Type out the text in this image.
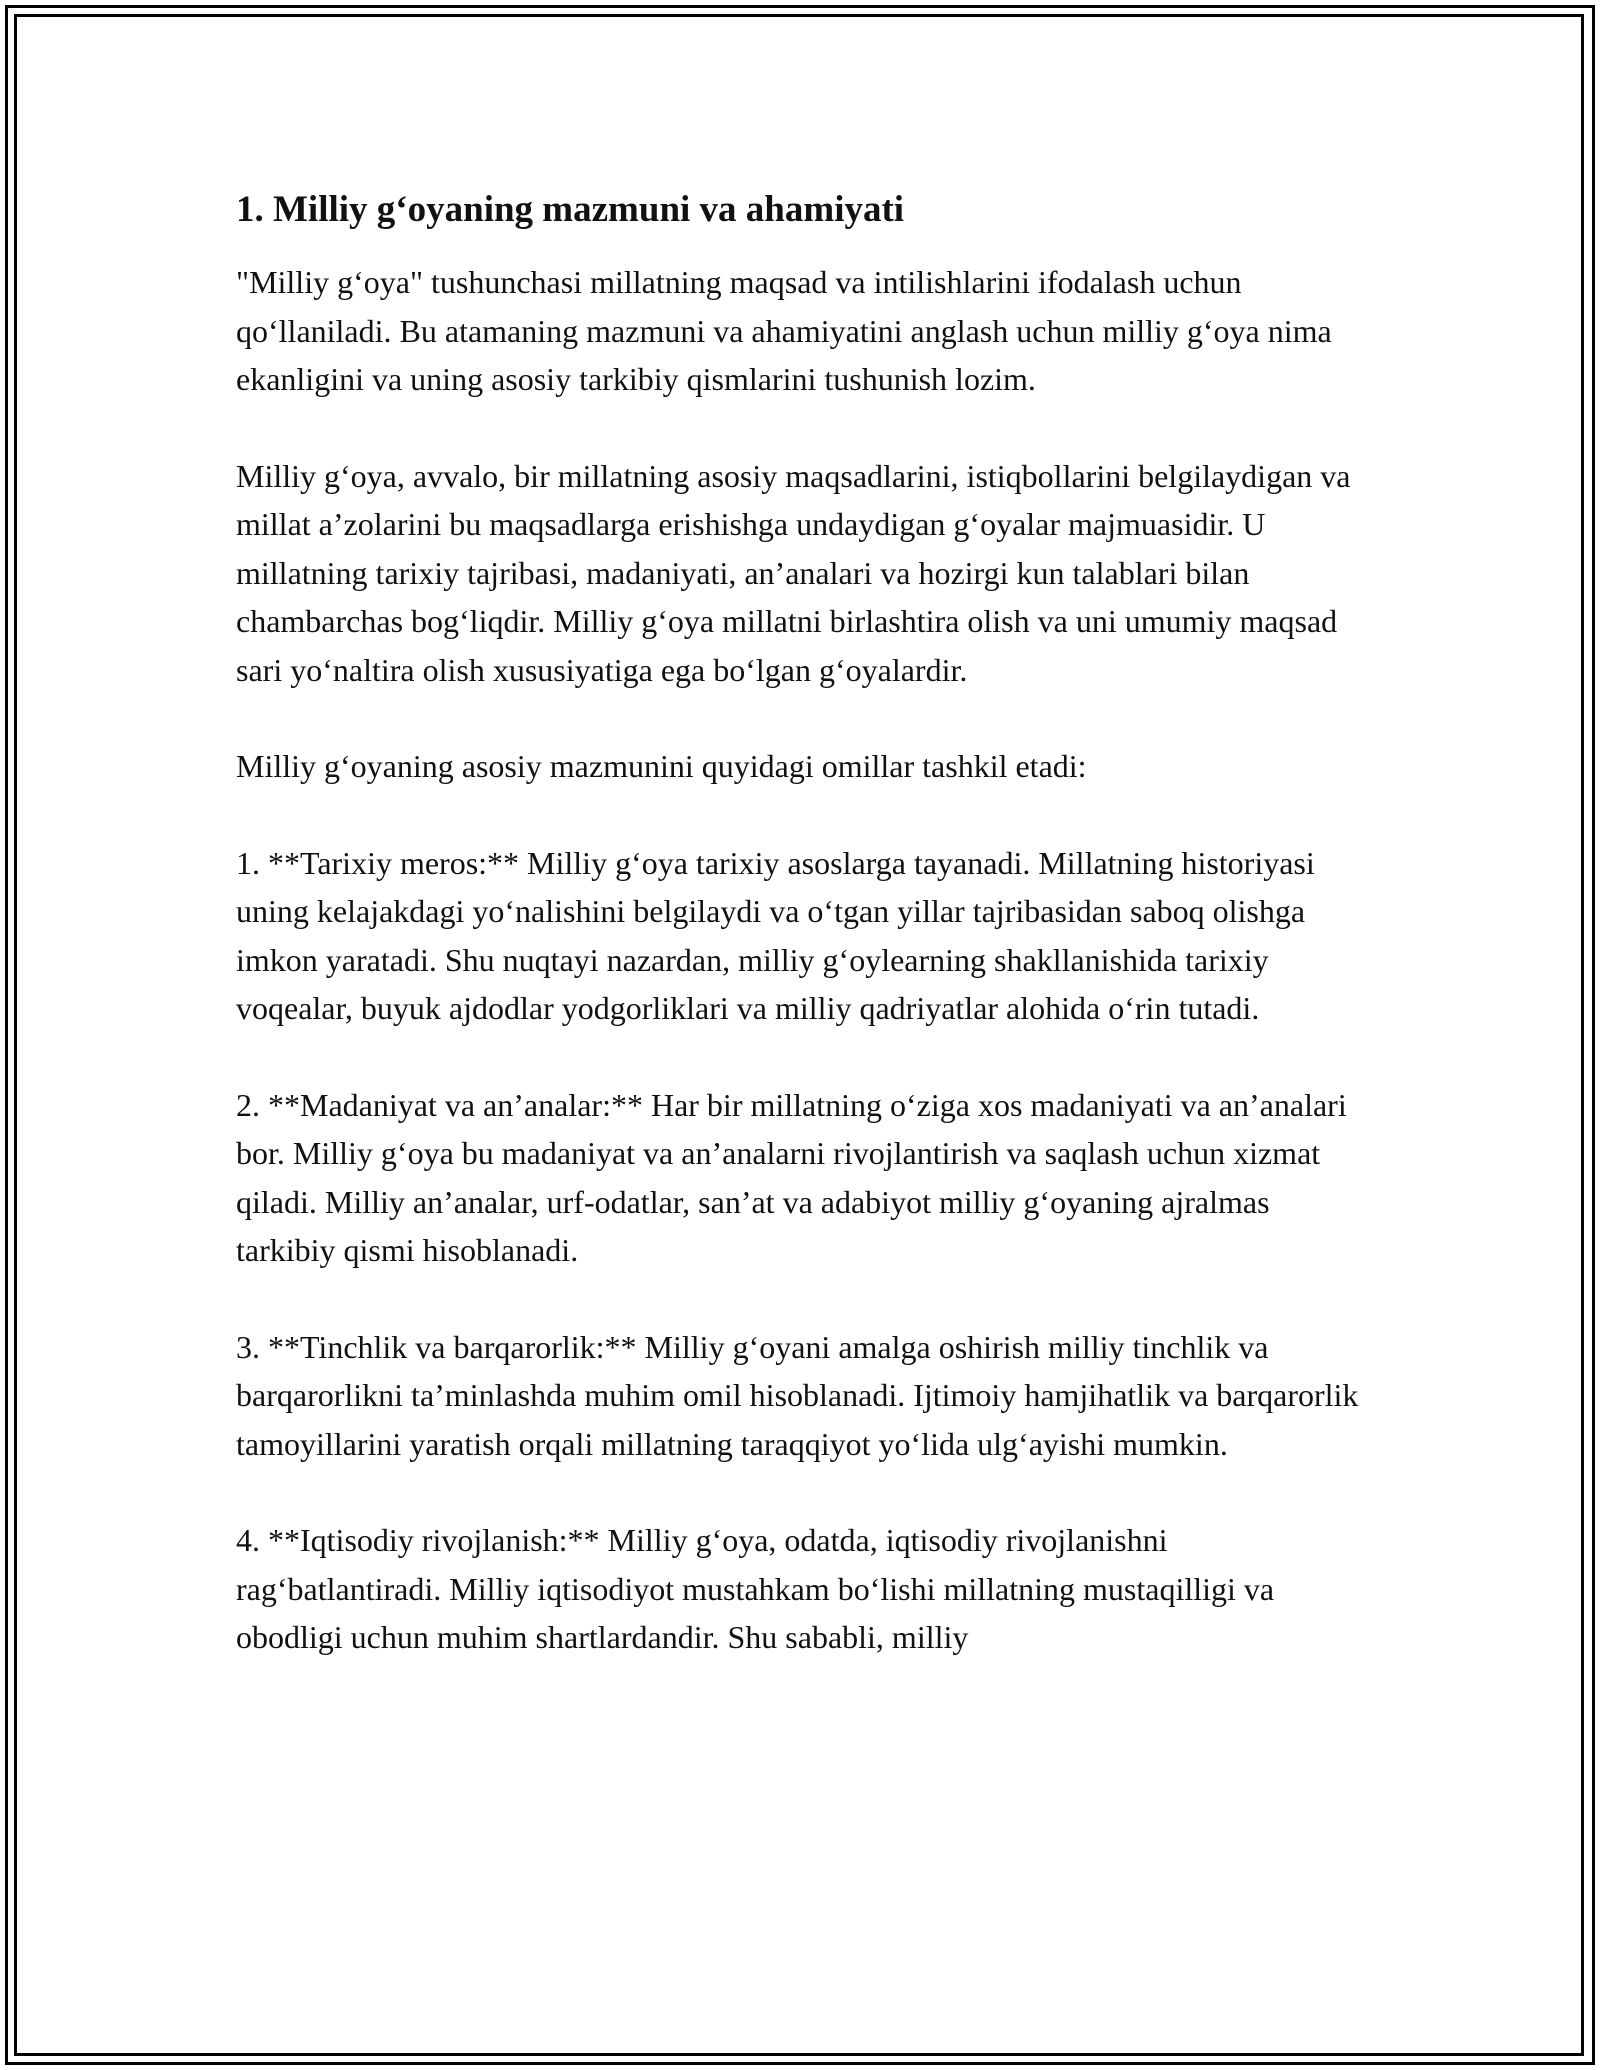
1. Milliy g‘oyaning mazmuni va ahamiyati

"Milliy g‘oya" tushunchasi millatning maqsad va intilishlarini ifodalash uchun qo‘llaniladi. Bu atamaning mazmuni va ahamiyatini anglash uchun milliy g‘oya nima ekanligini va uning asosiy tarkibiy qismlarini tushunish lozim.

Milliy g‘oya, avvalo, bir millatning asosiy maqsadlarini, istiqbollarini belgilaydigan va millat a’zolarini bu maqsadlarga erishishga undaydigan g‘oyalar majmuasidir. U millatning tarixiy tajribasi, madaniyati, an’analari va hozirgi kun talablari bilan chambarchas bog‘liqdir. Milliy g‘oya millatni birlashtira olish va uni umumiy maqsad sari yo‘naltira olish xususiyatiga ega bo‘lgan g‘oyalardir.

Milliy g‘oyaning asosiy mazmunini quyidagi omillar tashkil etadi:

1. **Tarixiy meros:** Milliy g‘oya tarixiy asoslarga tayanadi. Millatning historiyasi uning kelajakdagi yo‘nalishini belgilaydi va o‘tgan yillar tajribasidan saboq olishga imkon yaratadi. Shu nuqtayi nazardan, milliy g‘oylearning shakllanishida tarixiy voqealar, buyuk ajdodlar yodgorliklari va milliy qadriyatlar alohida o‘rin tutadi.

2. **Madaniyat va an’analar:** Har bir millatning o‘ziga xos madaniyati va an’analari bor. Milliy g‘oya bu madaniyat va an’analarni rivojlantirish va saqlash uchun xizmat qiladi. Milliy an’analar, urf-odatlar, san’at va adabiyot milliy g‘oyaning ajralmas tarkibiy qismi hisoblanadi.

3. **Tinchlik va barqarorlik:** Milliy g‘oyani amalga oshirish milliy tinchlik va barqarorlikni ta’minlashda muhim omil hisoblanadi. Ijtimoiy hamjihatlik va barqarorlik tamoyillarini yaratish orqali millatning taraqqiyot yo‘lida ulg‘ayishi mumkin.

4. **Iqtisodiy rivojlanish:** Milliy g‘oya, odatda, iqtisodiy rivojlanishni rag‘batlantiradi. Milliy iqtisodiyot mustahkam bo‘lishi millatning mustaqilligi va obodligi uchun muhim shartlardandir. Shu sababli, milliy
